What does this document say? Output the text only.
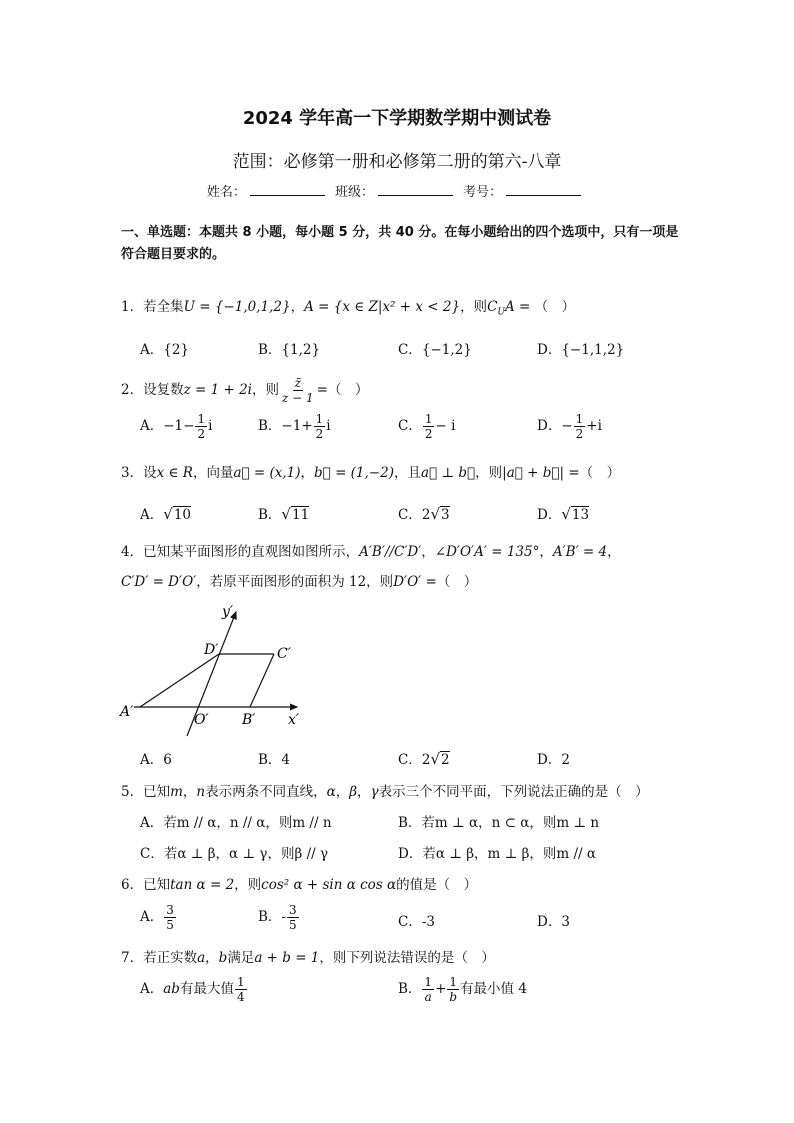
2024 学年高一下学期数学期中测试卷
范围：必修第一册和必修第二册的第六-八章
姓名：	班级：	考号：
一、单选题：本题共 8 小题，每小题 5 分，共 40 分。在每小题给出的四个选项中，只有一项是符合题目要求的。
1．若全集U = {−1,0,1,2}，A = {x ∈ Z|x² + x < 2}，则$C_UA$ = （　）
A．{2}	B．{1,2}	C．{−1,2}	D．{−1,1,2}
2．设复数z = 1 + 2i，则 $\frac{z̄}{z - 1}$ =（　）
A．$-1- \frac{1}{2}$ i	B．$-1+ \frac{1}{2}$ i	C． $\frac{1}{2} - i$	D．− $\frac{1}{2} +i$
3．设x ∈ R，向量a⃗ = (x,1)，b⃗ = (1,−2)，且a⃗ ⊥ b⃗，则|a⃗ + b⃗| =（　）
A．√10	B．√11	C．2√3	D．√13
4．已知某平面图形的直观图如图所示，A′B′//C′D′，∠D′O′A′ = 135°，A′B′ = 4，
C′D′ = D′O′，若原平面图形的面积为 12，则D′O′ =（　）
y′
D′	C′
A′	O′ B′ x′
A．6	B．4	C．2√2	D．2
5．已知m，n表示两条不同直线，α，β，γ表示三个不同平面，下列说法正确的是（　）
A．若m // α，n // α，则m // n	B．若m ⊥ α，n ⊂ α，则m ⊥ n
C．若α ⊥ β，α ⊥ γ，则β // γ	D．若α ⊥ β，m ⊥ β，则m // α
6．已知tan α = 2，则cos² α + sin α cos α的值是（　）
A． $\frac{3}{5}$	B．- $\frac{3}{5}$	C．-3	D．3
7．若正实数a，b满足a + b = 1，则下列说法错误的是（　）
A．ab有最大值 $\frac{1}{4}$	B． $\frac{1}{a} + \frac{1}{b}$ 有最小值 4
